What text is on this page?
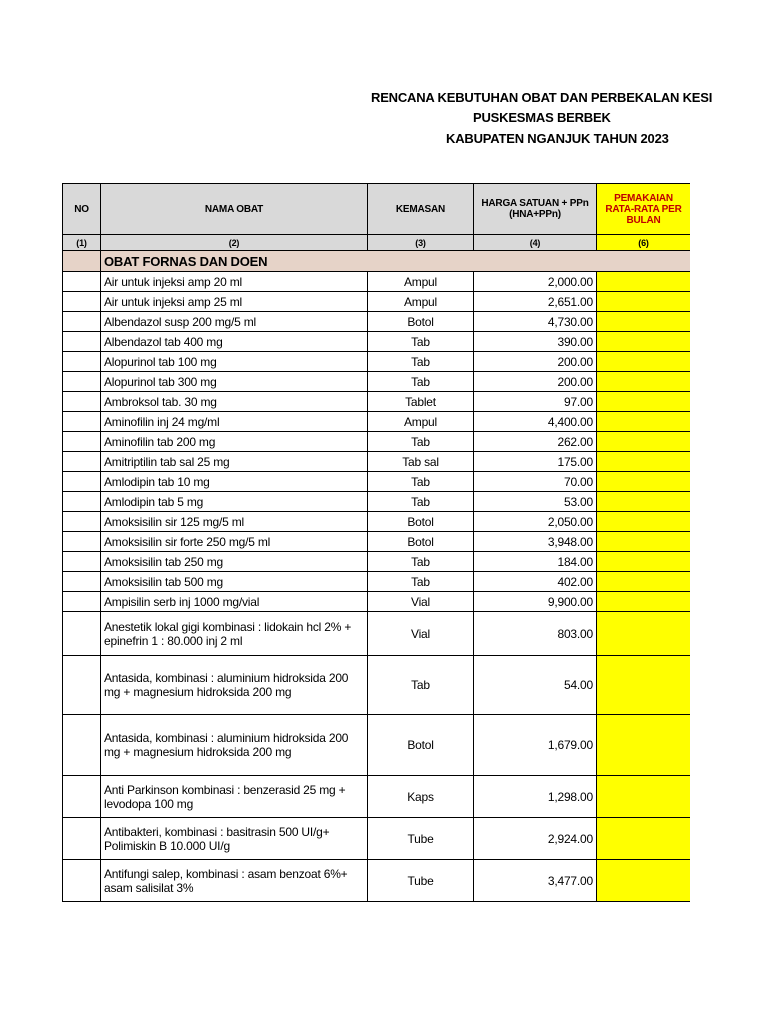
RENCANA KEBUTUHAN OBAT DAN PERBEKALAN KESI
PUSKESMAS BERBEK
KABUPATEN NGANJUK TAHUN 2023
NO	NAMA OBAT	KEMASAN	HARGA SATUAN + PPn (HNA+PPn)	PEMAKAIAN RATA-RATA PER BULAN
(1)	(2)	(3)	(4)	(6)
	OBAT FORNAS DAN DOEN			
	Air untuk injeksi amp 20 ml	Ampul	2,000.00	
	Air untuk injeksi amp 25 ml	Ampul	2,651.00	
	Albendazol susp 200 mg/5 ml	Botol	4,730.00	
	Albendazol tab 400 mg	Tab	390.00	
	Alopurinol tab 100 mg	Tab	200.00	
	Alopurinol tab 300 mg	Tab	200.00	
	Ambroksol tab. 30 mg	Tablet	97.00	
	Aminofilin inj 24 mg/ml	Ampul	4,400.00	
	Aminofilin tab 200 mg	Tab	262.00	
	Amitriptilin tab sal 25 mg	Tab sal	175.00	
	Amlodipin tab 10 mg	Tab	70.00	
	Amlodipin tab 5 mg	Tab	53.00	
	Amoksisilin sir 125 mg/5 ml	Botol	2,050.00	
	Amoksisilin sir forte 250 mg/5 ml	Botol	3,948.00	
	Amoksisilin tab 250 mg	Tab	184.00	
	Amoksisilin tab 500 mg	Tab	402.00	
	Ampisilin serb inj 1000 mg/vial	Vial	9,900.00	
	Anestetik lokal gigi kombinasi : lidokain hcl 2% + epinefrin 1 : 80.000 inj 2 ml	Vial	803.00	
	Antasida, kombinasi : aluminium hidroksida 200 mg + magnesium hidroksida 200 mg	Tab	54.00	
	Antasida, kombinasi : aluminium hidroksida 200 mg + magnesium hidroksida 200 mg	Botol	1,679.00	
	Anti Parkinson kombinasi : benzerasid 25 mg + levodopa 100 mg	Kaps	1,298.00	
	Antibakteri, kombinasi : basitrasin 500 UI/g+ Polimiskin B 10.000 UI/g	Tube	2,924.00	
	Antifungi salep, kombinasi : asam benzoat 6%+ asam salisilat 3%	Tube	3,477.00	
